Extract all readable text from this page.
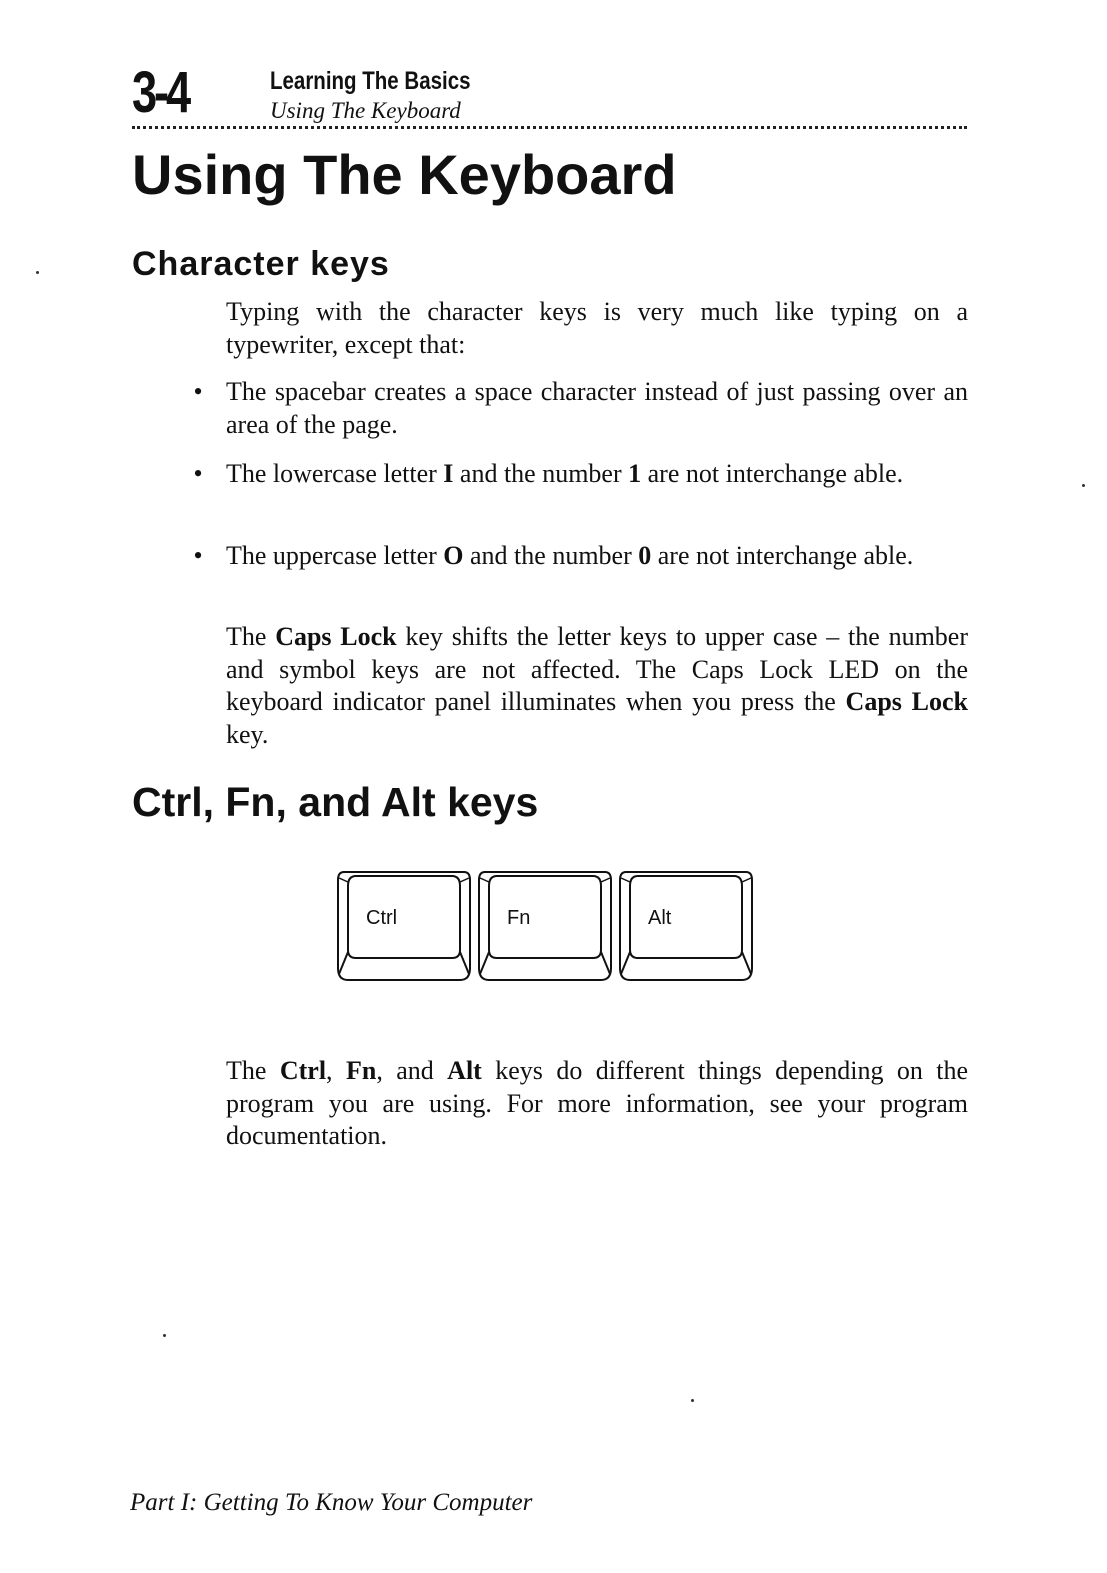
3-4	Learning The Basics
Using The Keyboard
Using The Keyboard
Character keys

Typing with the character keys is very much like typing on a typewriter, except that:

• The spacebar creates a space character instead of just passing over an area of the page.

• The lowercase letter I and the number 1 are not interchange able.

• The uppercase letter O and the number 0 are not interchange able.

The Caps Lock key shifts the letter keys to upper case – the number and symbol keys are not affected. The Caps Lock LED on the keyboard indicator panel illuminates when you press the Caps Lock key.

Ctrl, Fn, and Alt keys
Ctrl	Fn	Alt

The Ctrl, Fn, and Alt keys do different things depending on the program you are using. For more information, see your program documentation.

Part I: Getting To Know Your Computer
